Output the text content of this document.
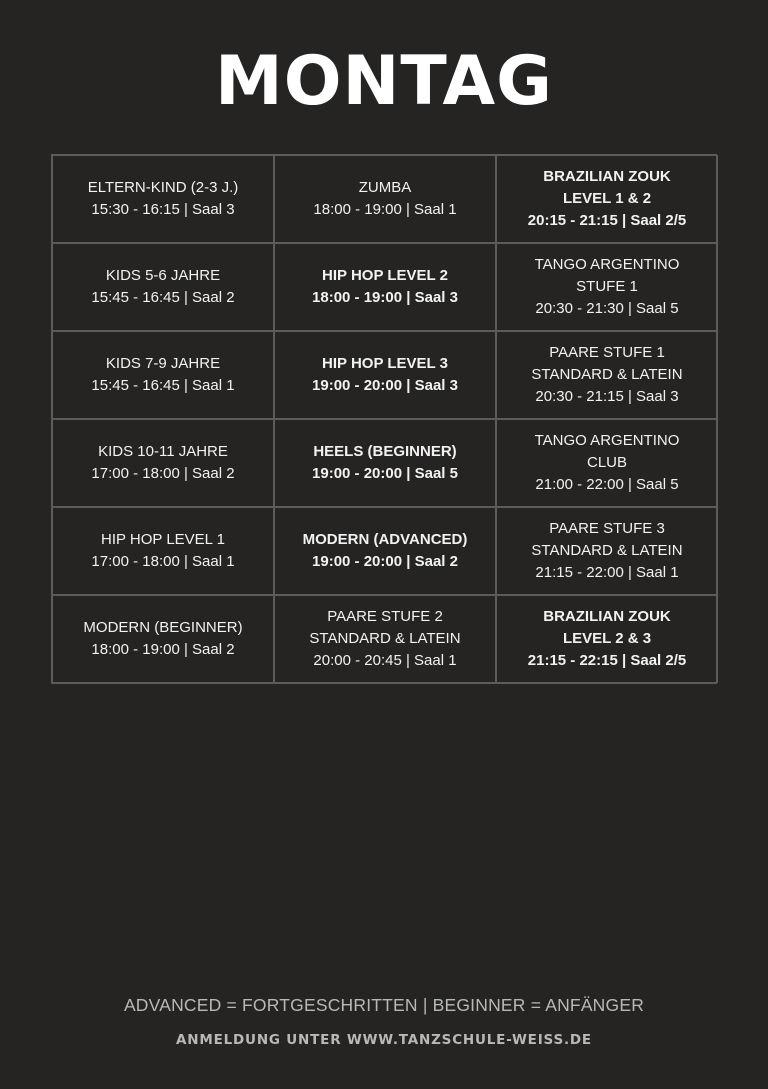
MONTAG
ELTERN-KIND (2-3 J.)
15:30 - 16:15 | Saal 3
ZUMBA
18:00 - 19:00 | Saal 1
BRAZILIAN ZOUK
LEVEL 1 & 2
20:15 - 21:15 | Saal 2/5
KIDS 5-6 JAHRE
15:45 - 16:45 | Saal 2
HIP HOP LEVEL 2
18:00 - 19:00 | Saal 3
TANGO ARGENTINO
STUFE 1
20:30 - 21:30 | Saal 5
KIDS 7-9 JAHRE
15:45 - 16:45 | Saal 1
HIP HOP LEVEL 3
19:00 - 20:00 | Saal 3
PAARE STUFE 1
STANDARD & LATEIN
20:30 - 21:15 | Saal 3
KIDS 10-11 JAHRE
17:00 - 18:00 | Saal 2
HEELS (BEGINNER)
19:00 - 20:00 | Saal 5
TANGO ARGENTINO
CLUB
21:00 - 22:00 | Saal 5
HIP HOP LEVEL 1
17:00 - 18:00 | Saal 1
MODERN (ADVANCED)
19:00 - 20:00 | Saal 2
PAARE STUFE 3
STANDARD & LATEIN
21:15 - 22:00 | Saal 1
MODERN (BEGINNER)
18:00 - 19:00 | Saal 2
PAARE STUFE 2
STANDARD & LATEIN
20:00 - 20:45 | Saal 1
BRAZILIAN ZOUK
LEVEL 2 & 3
21:15 - 22:15 | Saal 2/5
ADVANCED = FORTGESCHRITTEN | BEGINNER = ANFÄNGER
ANMELDUNG UNTER WWW.TANZSCHULE-WEISS.DE
